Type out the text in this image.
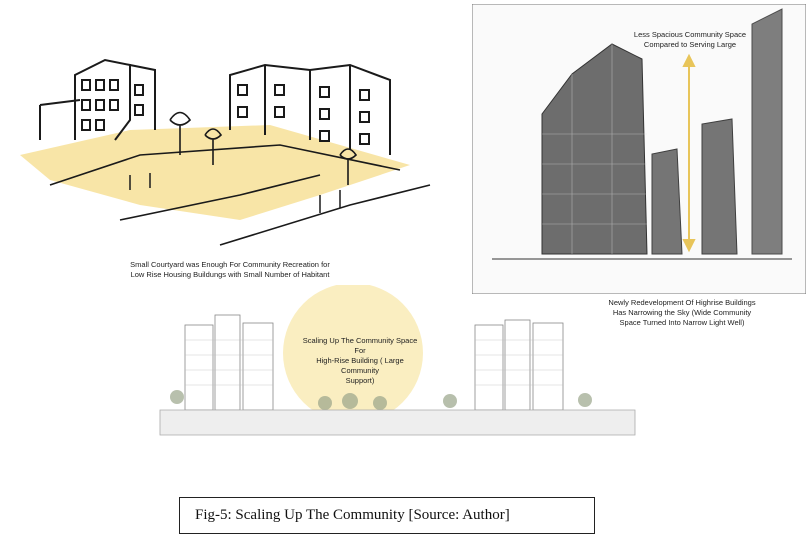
Small Courtyard was Enough For Community Recreation for
Low Rise Housing Buildungs with Small Number of Habitant
Less Spacious Community Space
Compared to Serving Large
Newly Redevelopment Of Highrise Buildings
Has Narrowing the Sky (Wide Community
Space Turned Into Narrow Light Well)
Scaling Up The Community Space For
High-Rise Building ( Large Community
Support)
Fig-5: Scaling Up The Community [Source: Author]
